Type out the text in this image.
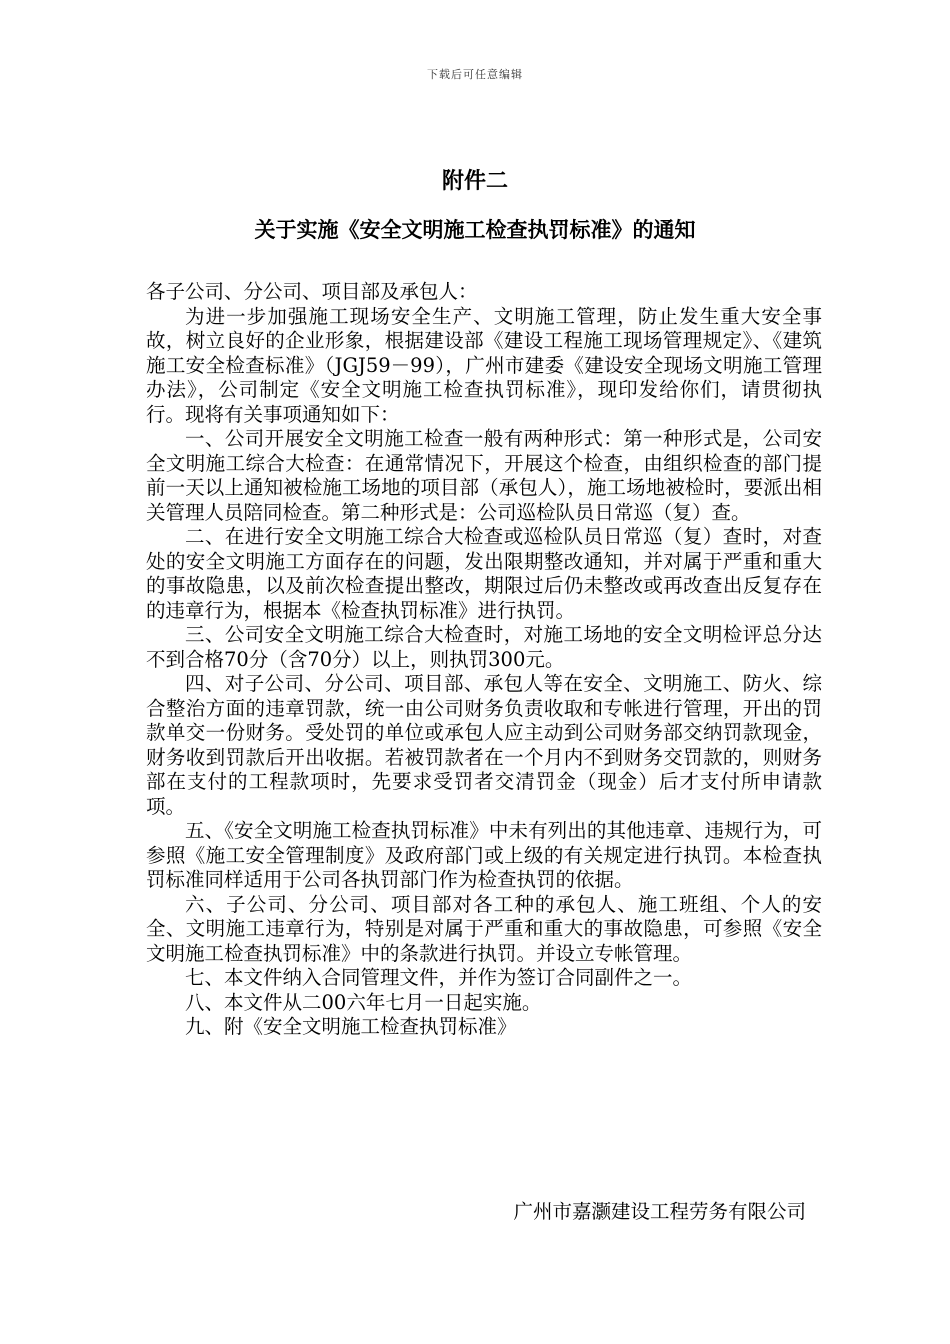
下载后可任意编辑
附件二
关于实施《安全文明施工检查执罚标准》的通知

各子公司、分公司、项目部及承包人：

为进一步加强施工现场安全生产、文明施工管理，防止发生重大安全事故，树立良好的企业形象，根据建设部《建设工程施工现场管理规定》、《建筑施工安全检查标准》（JGJ59－99），广州市建委《建设安全现场文明施工管理办法》，公司制定《安全文明施工检查执罚标准》，现印发给你们，请贯彻执行。现将有关事项通知如下：

一、公司开展安全文明施工检查一般有两种形式：第一种形式是，公司安全文明施工综合大检查：在通常情况下，开展这个检查，由组织检查的部门提前一天以上通知被检施工场地的项目部（承包人），施工场地被检时，要派出相关管理人员陪同检查。第二种形式是：公司巡检队员日常巡（复）查。

二、在进行安全文明施工综合大检查或巡检队员日常巡（复）查时，对查处的安全文明施工方面存在的问题，发出限期整改通知，并对属于严重和重大的事故隐患，以及前次检查提出整改，期限过后仍未整改或再改查出反复存在的违章行为，根据本《检查执罚标准》进行执罚。

三、公司安全文明施工综合大检查时，对施工场地的安全文明检评总分达不到合格70分（含70分）以上，则执罚300元。

四、对子公司、分公司、项目部、承包人等在安全、文明施工、防火、综合整治方面的违章罚款，统一由公司财务负责收取和专帐进行管理，开出的罚款单交一份财务。受处罚的单位或承包人应主动到公司财务部交纳罚款现金，财务收到罚款后开出收据。若被罚款者在一个月内不到财务交罚款的，则财务部在支付的工程款项时，先要求受罚者交清罚金（现金）后才支付所申请款项。

五、《安全文明施工检查执罚标准》中未有列出的其他违章、违规行为，可参照《施工安全管理制度》及政府部门或上级的有关规定进行执罚。本检查执罚标准同样适用于公司各执罚部门作为检查执罚的依据。

六、子公司、分公司、项目部对各工种的承包人、施工班组、个人的安全、文明施工违章行为，特别是对属于严重和重大的事故隐患，可参照《安全文明施工检查执罚标准》中的条款进行执罚。并设立专帐管理。

七、本文件纳入合同管理文件，并作为签订合同副件之一。

八、本文件从二00六年七月一日起实施。

九、附《安全文明施工检查执罚标准》

广州市嘉灏建设工程劳务有限公司
